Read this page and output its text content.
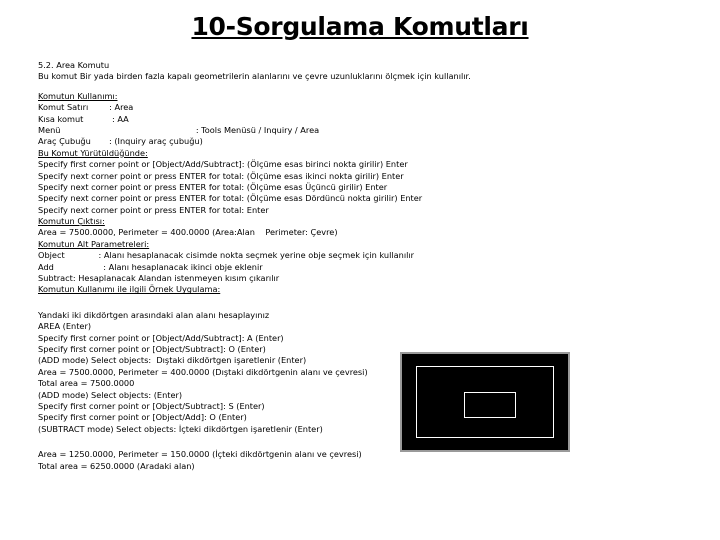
10-Sorgulama Komutları
5.2. Area Komutu
Bu komut Bir yada birden fazla kapalı geometrilerin alanlarını ve çevre uzunluklarını ölçmek için kullanılır.
Komutun Kullanımı:
Komut Satırı        : Area
Kısa komut           : AA
Menü                                                    : Tools Menüsü / Inquiry / Area
Araç Çubuğu       : (Inquiry araç çubuğu)
Bu Komut Yürütüldüğünde:
Specify first corner point or [Object/Add/Subtract]: (Ölçüme esas birinci nokta girilir) Enter
Specify next corner point or press ENTER for total: (Ölçüme esas ikinci nokta girilir) Enter
Specify next corner point or press ENTER for total: (Ölçüme esas Üçüncü girilir) Enter
Specify next corner point or press ENTER for total: (Ölçüme esas Dördüncü nokta girilir) Enter
Specify next corner point or press ENTER for total: Enter
Komutun Çıktısı:
Area = 7500.0000, Perimeter = 400.0000 (Area:Alan    Perimeter: Çevre)
Komutun Alt Parametreleri:
Object             : Alanı hesaplanacak cisimde nokta seçmek yerine obje seçmek için kullanılır
Add                   : Alanı hesaplanacak ikinci obje eklenir
Subtract: Hesaplanacak Alandan istenmeyen kısım çıkarılır
Komutun Kullanımı ile ilgili Örnek Uygulama:
Yandaki iki dikdörtgen arasındaki alan alanı hesaplayınız
AREA (Enter)
Specify first corner point or [Object/Add/Subtract]: A (Enter)
Specify first corner point or [Object/Subtract]: O (Enter)
(ADD mode) Select objects:  Dıştaki dikdörtgen işaretlenir (Enter)
Area = 7500.0000, Perimeter = 400.0000 (Dıştaki dikdörtgenin alanı ve çevresi)
Total area = 7500.0000
(ADD mode) Select objects: (Enter)
Specify first corner point or [Object/Subtract]: S (Enter)
Specify first corner point or [Object/Add]: O (Enter)
(SUBTRACT mode) Select objects: İçteki dikdörtgen işaretlenir (Enter)
Area = 1250.0000, Perimeter = 150.0000 (İçteki dikdörtgenin alanı ve çevresi)
Total area = 6250.0000 (Aradaki alan)
